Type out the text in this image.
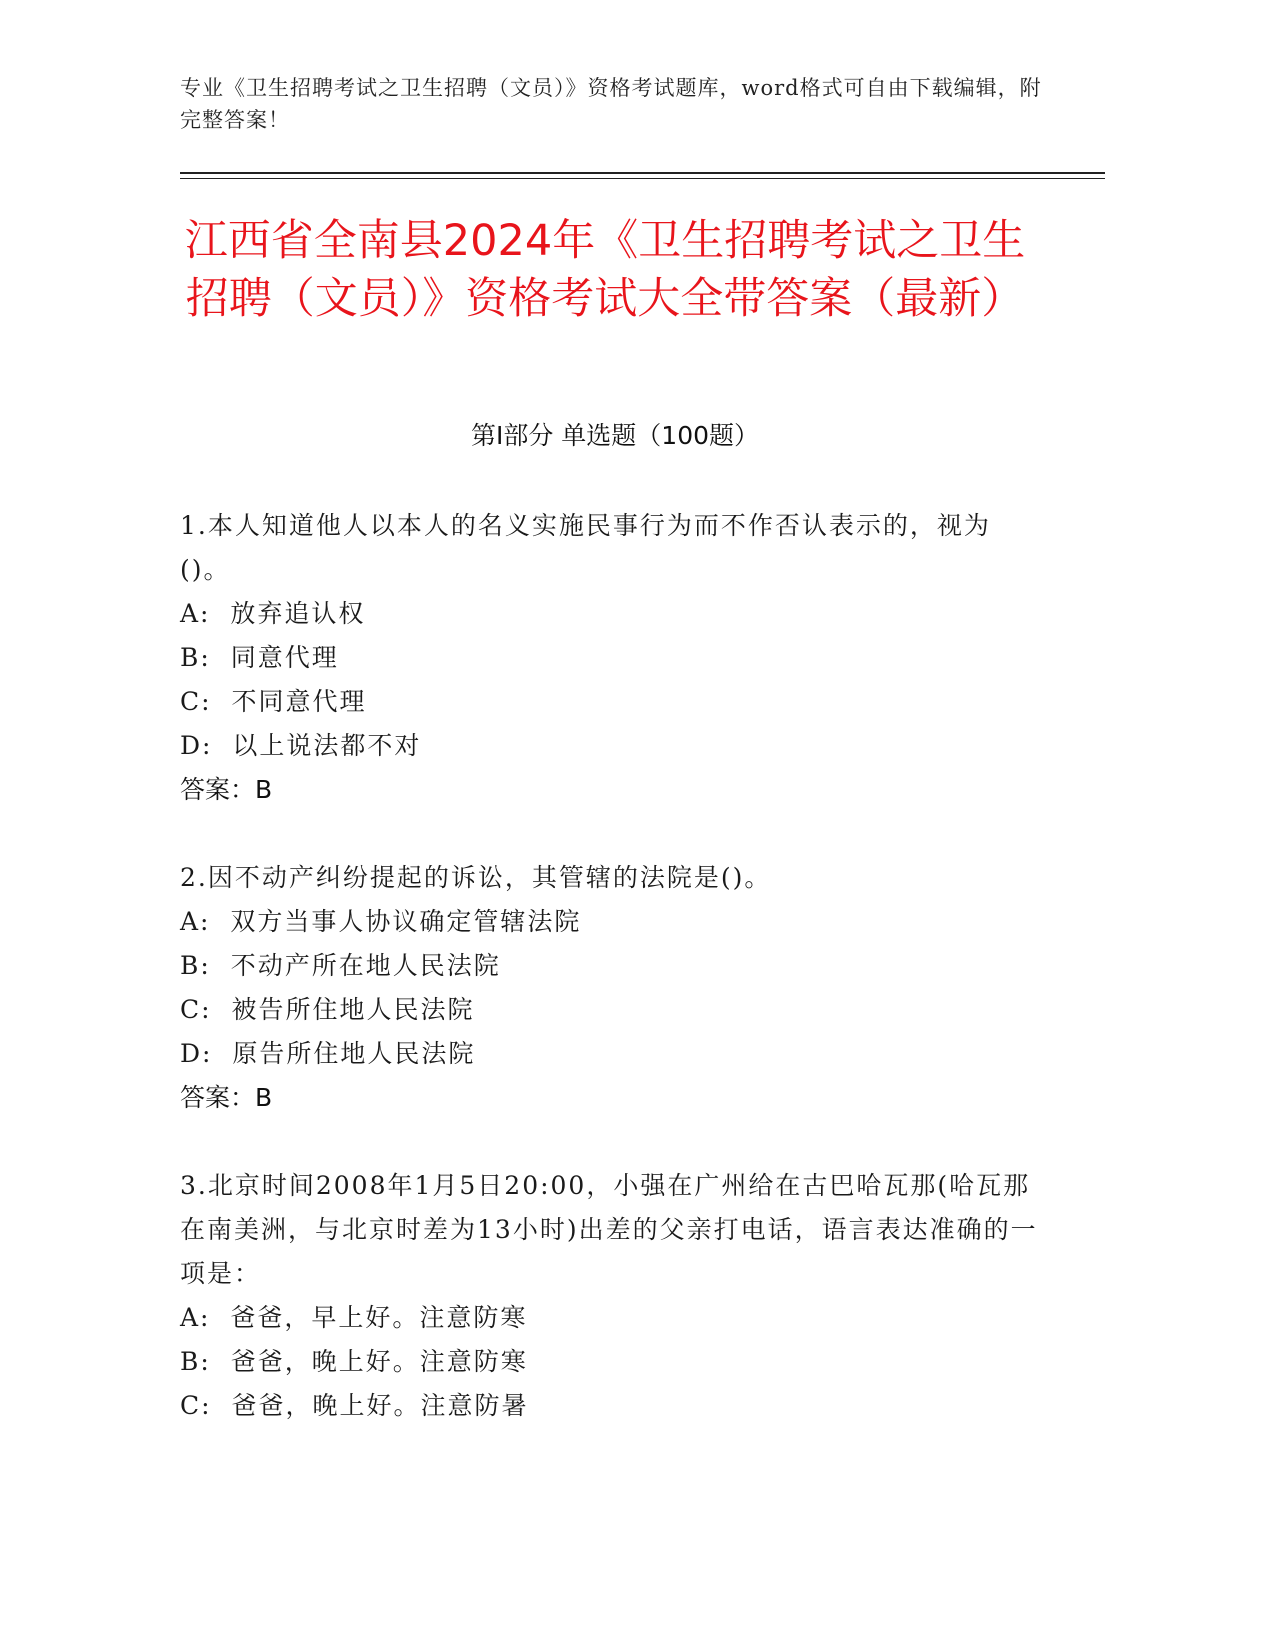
专业《卫生招聘考试之卫生招聘（文员）》资格考试题库，word格式可自由下载编辑，附完整答案！
江西省全南县2024年《卫生招聘考试之卫生招聘（文员）》资格考试大全带答案（最新）
第Ⅰ部分 单选题（100题）

1.本人知道他人以本人的名义实施民事行为而不作否认表示的，视为()。

A:  放弃追认权

B:  同意代理

C:  不同意代理

D:  以上说法都不对

答案：B

2.因不动产纠纷提起的诉讼，其管辖的法院是()。

A:  双方当事人协议确定管辖法院

B:  不动产所在地人民法院

C:  被告所住地人民法院

D:  原告所住地人民法院

答案：B

3.北京时间2008年1月5日20:00，小强在广州给在古巴哈瓦那(哈瓦那在南美洲，与北京时差为13小时)出差的父亲打电话，语言表达准确的一项是：

A:  爸爸，早上好。注意防寒

B:  爸爸，晚上好。注意防寒

C:  爸爸，晚上好。注意防暑
